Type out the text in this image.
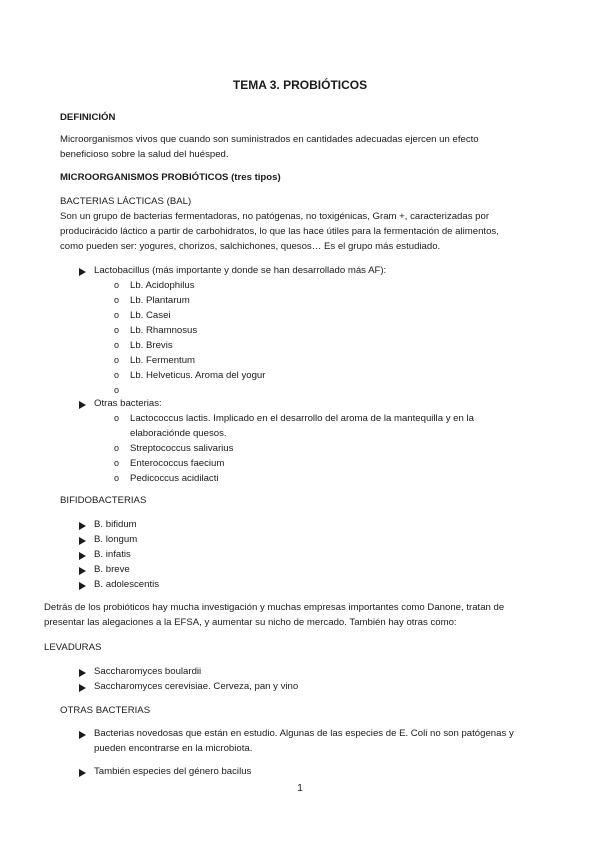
TEMA 3. PROBIÓTICOS
DEFINICIÓN
Microorganismos vivos que cuando son suministrados en cantidades adecuadas ejercen un efecto
beneficioso sobre la salud del huésped.
MICROORGANISMOS PROBIÓTICOS (tres tipos)
BACTERIAS LÁCTICAS (BAL)
Son un grupo de bacterias fermentadoras, no patógenas, no toxigénicas, Gram +, caracterizadas por
producirácido láctico a partir de carbohidratos, lo que las hace útiles para la fermentación de alimentos,
como pueden ser: yogures, chorizos, salchichones, quesos… Es el grupo más estudiado.
Lactobacillus (más importante y donde se han desarrollado más AF):
o Lb. Acidophilus
o Lb. Plantarum
o Lb. Casei
o Lb. Rhamnosus
o Lb. Brevis
o Lb. Fermentum
o Lb. Helveticus. Aroma del yogur
o
Otras bacterias:
o Lactococcus lactis. Implicado en el desarrollo del aroma de la mantequilla y en la
elaboracióndе quesos.
o Streptococcus salivarius
o Enterococcus faecium
o Pedicoccus acidilacti
BIFIDOBACTERIAS
B. bifidum
B. longum
B. infatis
B. breve
B. adolescentis
Detrás de los probióticos hay mucha investigación y muchas empresas importantes como Danone, tratan de
presentar las alegaciones a la EFSA, y aumentar su nicho de mercado. También hay otras como:
LEVADURAS
Saccharomyces boulardii
Saccharomyces cerevisiae. Cerveza, pan y vino
OTRAS BACTERIAS
Bacterias novedosas que están en estudio. Algunas de las especies de E. Coli no son patógenas y
pueden encontrarse en la microbiota.
También especies del género bacilus
1
